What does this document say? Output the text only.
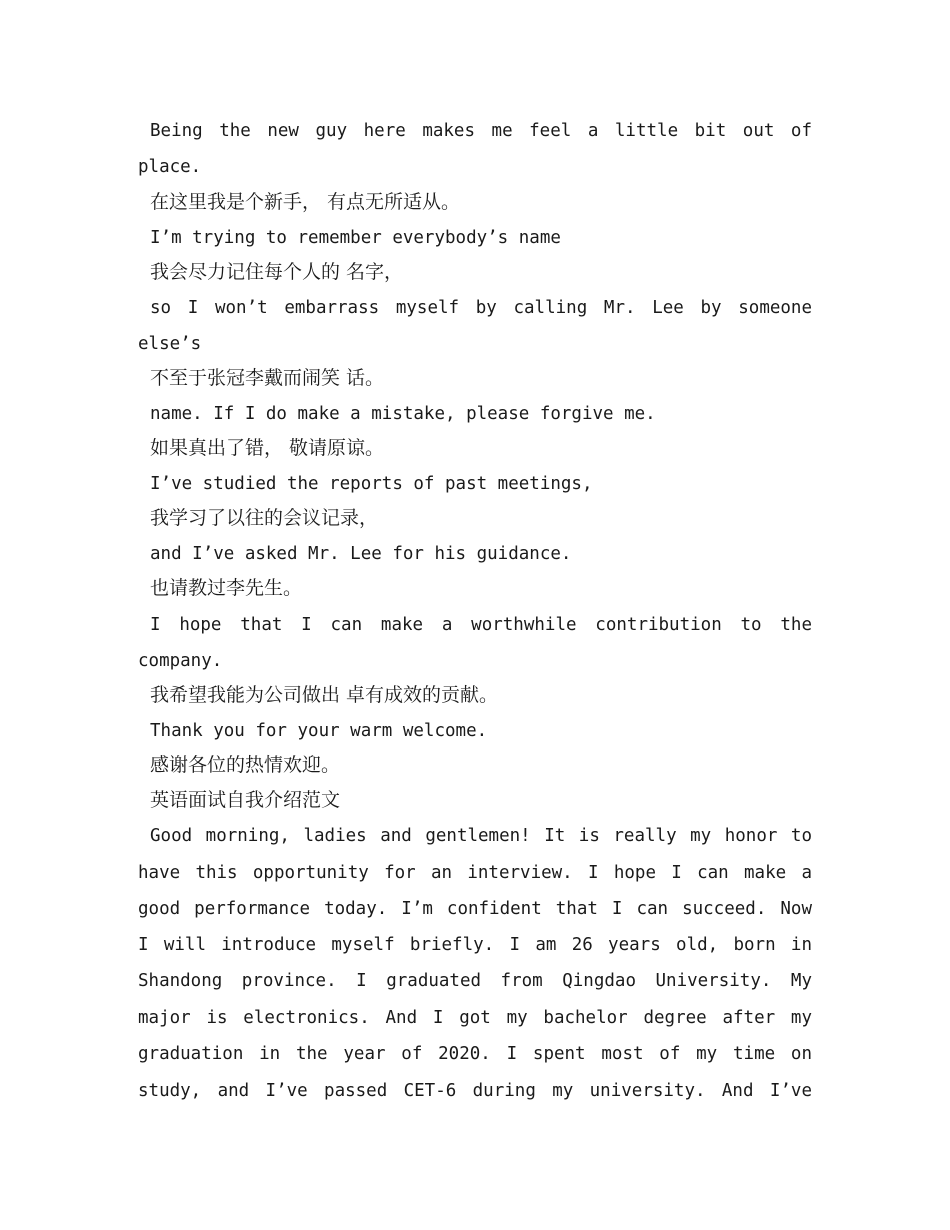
Being the new guy here makes me feel a little bit out of

place.

在这里我是个新手， 有点无所适从。

I’m trying to remember everybody’s name

我会尽力记住每个人的 名字，

so I won’t embarrass myself by calling Mr. Lee by someone

else’s

不至于张冠李戴而闹笑 话。

name. If I do make a mistake, please forgive me.

如果真出了错， 敬请原谅。

I’ve studied the reports of past meetings,

我学习了以往的会议记录，

and I’ve asked Mr. Lee for his guidance.

也请教过李先生。

I hope that I can make a worthwhile contribution to the

company.

我希望我能为公司做出 卓有成效的贡献。

Thank you for your warm welcome.

感谢各位的热情欢迎。

英语面试自我介绍范文

Good morning, ladies and gentlemen! It is really my honor to

have this opportunity for an interview. I hope I can make a

good performance today. I’m confident that I can succeed. Now

I will introduce myself briefly. I am 26 years old, born in

Shandong province. I graduated from Qingdao University. My

major is electronics. And I got my bachelor degree after my

graduation in the year of 2020. I spent most of my time on

study, and I’ve passed CET-6 during my university. And I’ve
